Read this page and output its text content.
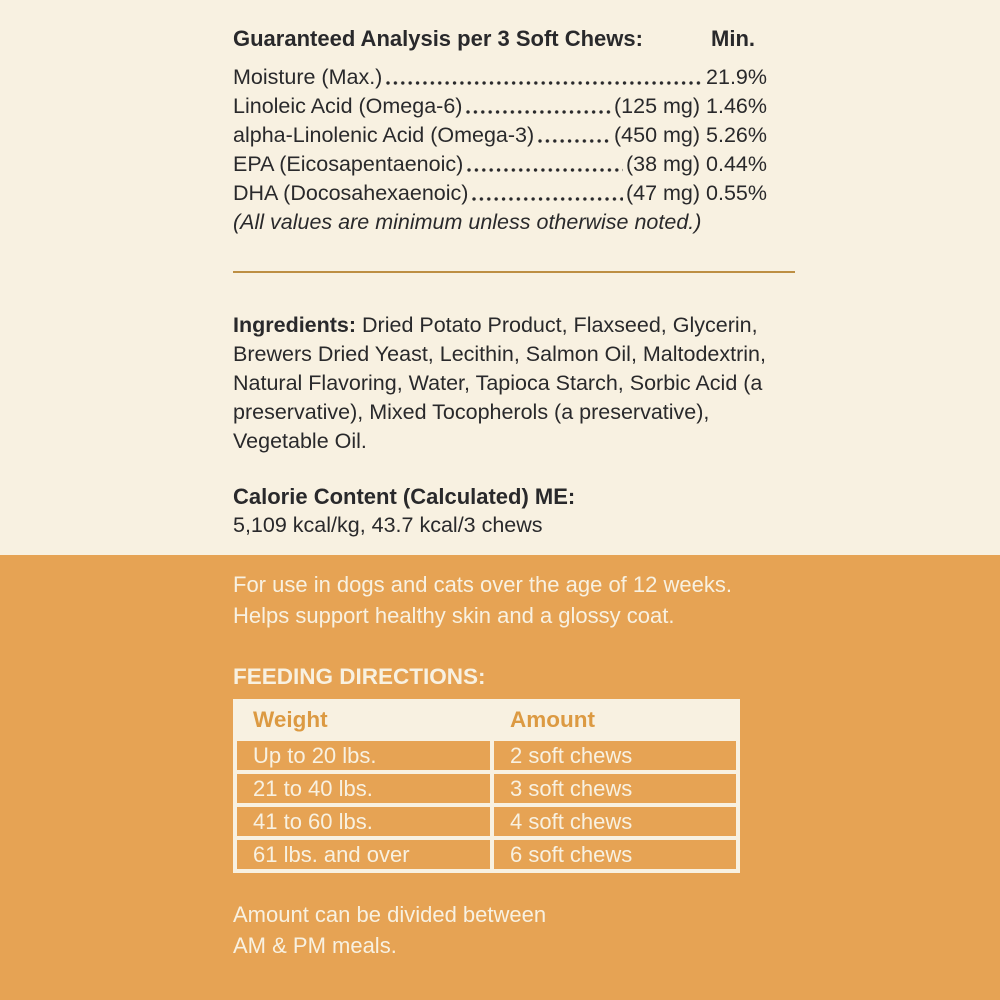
Guaranteed Analysis per 3 Soft Chews:	Min.
Moisture (Max.)	21.9%
Linoleic Acid (Omega-6)	(125 mg) 1.46%
alpha-Linolenic Acid (Omega-3)	(450 mg) 5.26%
EPA (Eicosapentaenoic)	(38 mg) 0.44%
DHA (Docosahexaenoic)	(47 mg) 0.55%
(All values are minimum unless otherwise noted.)

Ingredients: Dried Potato Product, Flaxseed, Glycerin, Brewers Dried Yeast, Lecithin, Salmon Oil, Maltodextrin, Natural Flavoring, Water, Tapioca Starch, Sorbic Acid (a preservative), Mixed Tocopherols (a preservative), Vegetable Oil.

Calorie Content (Calculated) ME:
5,109 kcal/kg, 43.7 kcal/3 chews

For use in dogs and cats over the age of 12 weeks.
Helps support healthy skin and a glossy coat.

FEEDING DIRECTIONS:
Weight	Amount
Up to 20 lbs.	2 soft chews
21 to 40 lbs.	3 soft chews
41 to 60 lbs.	4 soft chews
61 lbs. and over	6 soft chews

Amount can be divided between
AM & PM meals.
